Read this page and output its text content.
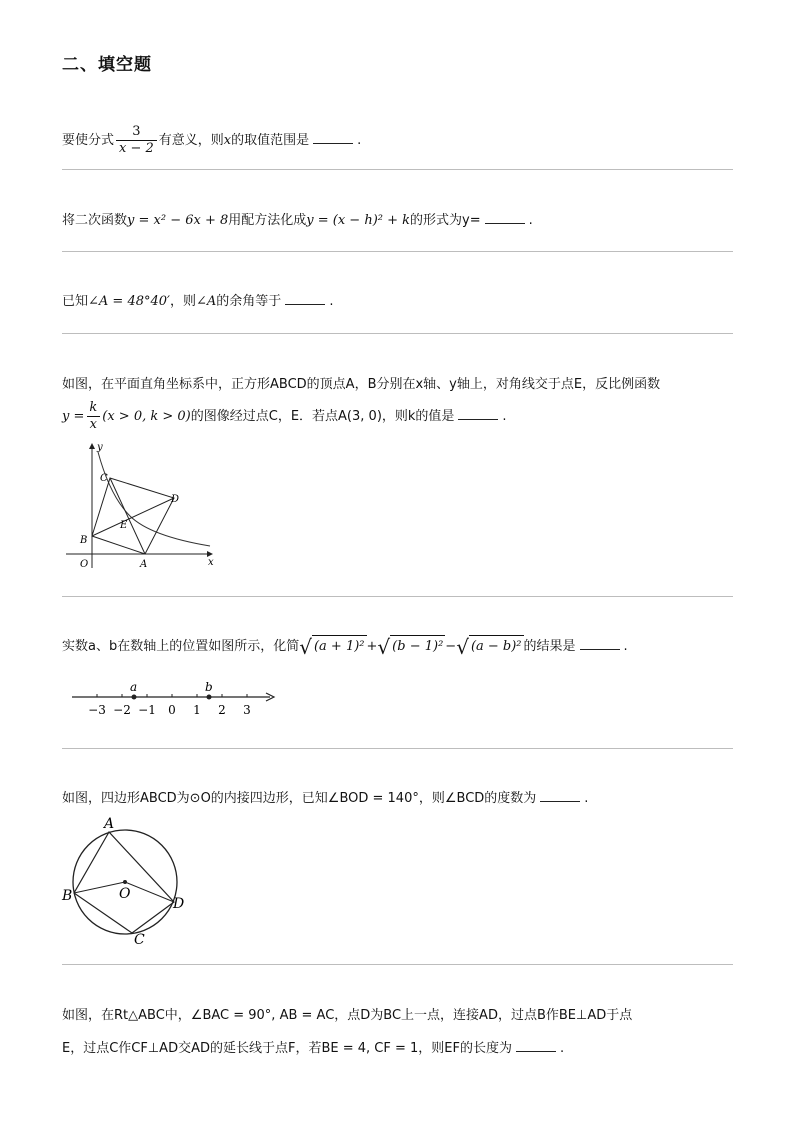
二、填空题
要使分式 $\frac{3}{x - 2}$ 有意义，则x的取值范围是	.
将二次函数y = x² − 6x + 8用配方法化成y = (x − h)² + k的形式为y=	.
已知∠A = 48°40′，则∠A的余角等于	.
如图，在平面直角坐标系中，正方形ABCD的顶点A，B分别在x轴、y轴上，对角线交于点E，反比例函数
$y = \frac{k}{x} (x > 0$, k > 0)的图像经过点C，E．若点A(3, 0)，则k的值是	.
y
x
O	A
B
C
D
E
实数a、b在数轴上的位置如图所示，化简 √ (a + 1)² + √ (b − 1)² − √ (a − b)² 的结果是	.
−3 −2 −1 0 1 2 3
a	b
如图，四边形ABCD为⊙O的内接四边形，已知∠BOD = 140°，则∠BCD的度数为	.
A
B
C
D
O
如图，在Rt△ABC中，∠BAC = 90°, AB = AC，点D为BC上一点，连接AD，过点B作BE⊥AD于点
E，过点C作CF⊥AD交AD的延长线于点F，若BE = 4, CF = 1，则EF的长度为	.
